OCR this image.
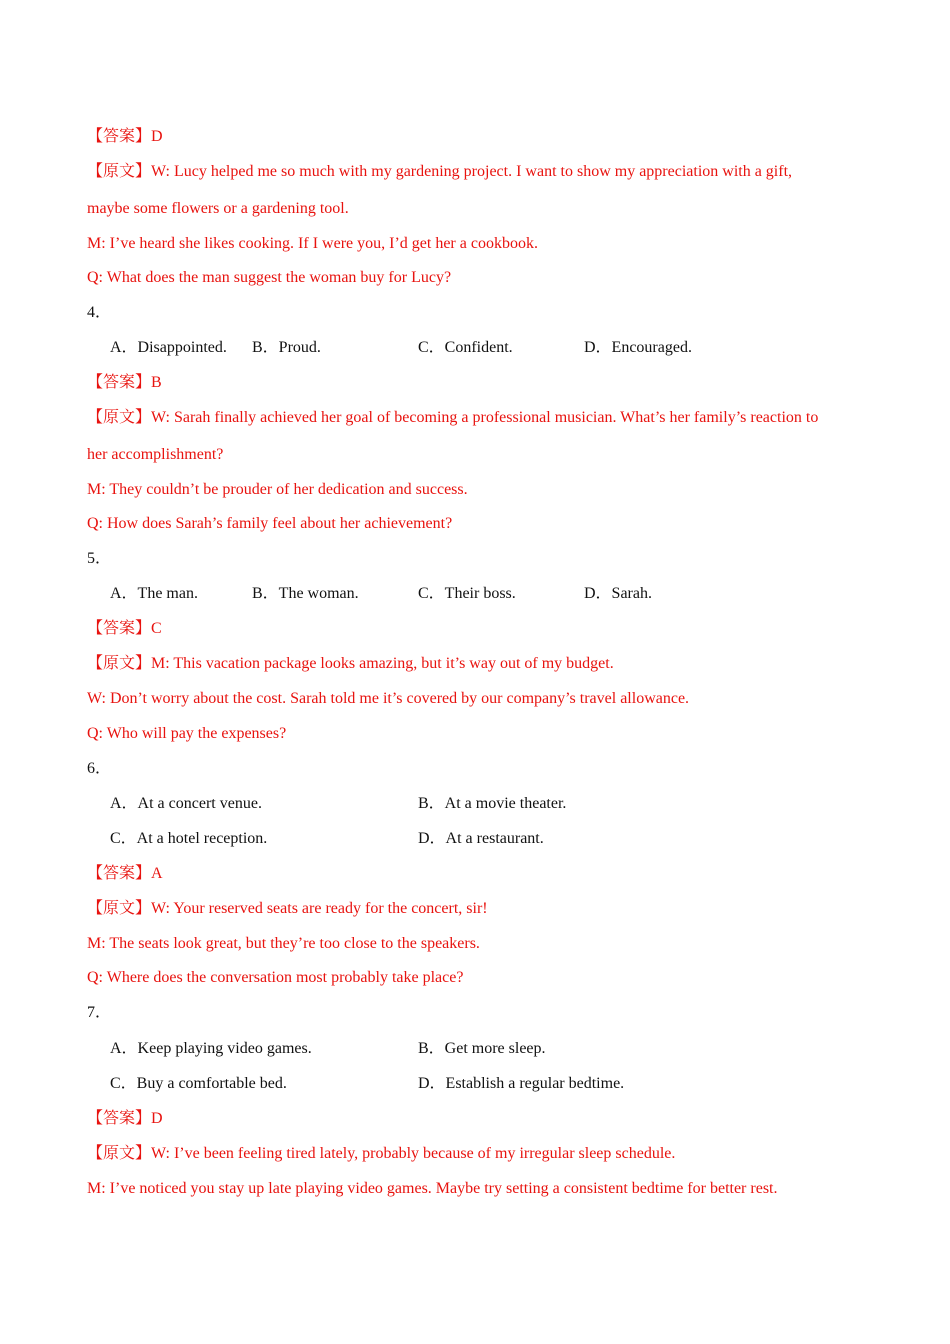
【答案】D
【原文】W: Lucy helped me so much with my gardening project. I want to show my appreciation with a gift,
maybe some flowers or a gardening tool.
M: I’ve heard she likes cooking. If I were you, I’d get her a cookbook.
Q: What does the man suggest the woman buy for Lucy?
4．
A．Disappointed. B．Proud.	C．Confident.	D．Encouraged.
【答案】B
【原文】W: Sarah finally achieved her goal of becoming a professional musician. What’s her family’s reaction to
her accomplishment?
M: They couldn’t be prouder of her dedication and success.
Q: How does Sarah’s family feel about her achievement?
5．
A．The man.	B．The woman.	C．Their boss.	D．Sarah.
【答案】C
【原文】M: This vacation package looks amazing, but it’s way out of my budget.
W: Don’t worry about the cost. Sarah told me it’s covered by our company’s travel allowance.
Q: Who will pay the expenses?
6．
A．At a concert venue.	B．At a movie theater.
C．At a hotel reception.	D．At a restaurant.
【答案】A
【原文】W: Your reserved seats are ready for the concert, sir!
M: The seats look great, but they’re too close to the speakers.
Q: Where does the conversation most probably take place?
7．
A．Keep playing video games.	B．Get more sleep.
C．Buy a comfortable bed.	D．Establish a regular bedtime.
【答案】D
【原文】W: I’ve been feeling tired lately, probably because of my irregular sleep schedule.
M: I’ve noticed you stay up late playing video games. Maybe try setting a consistent bedtime for better rest.
